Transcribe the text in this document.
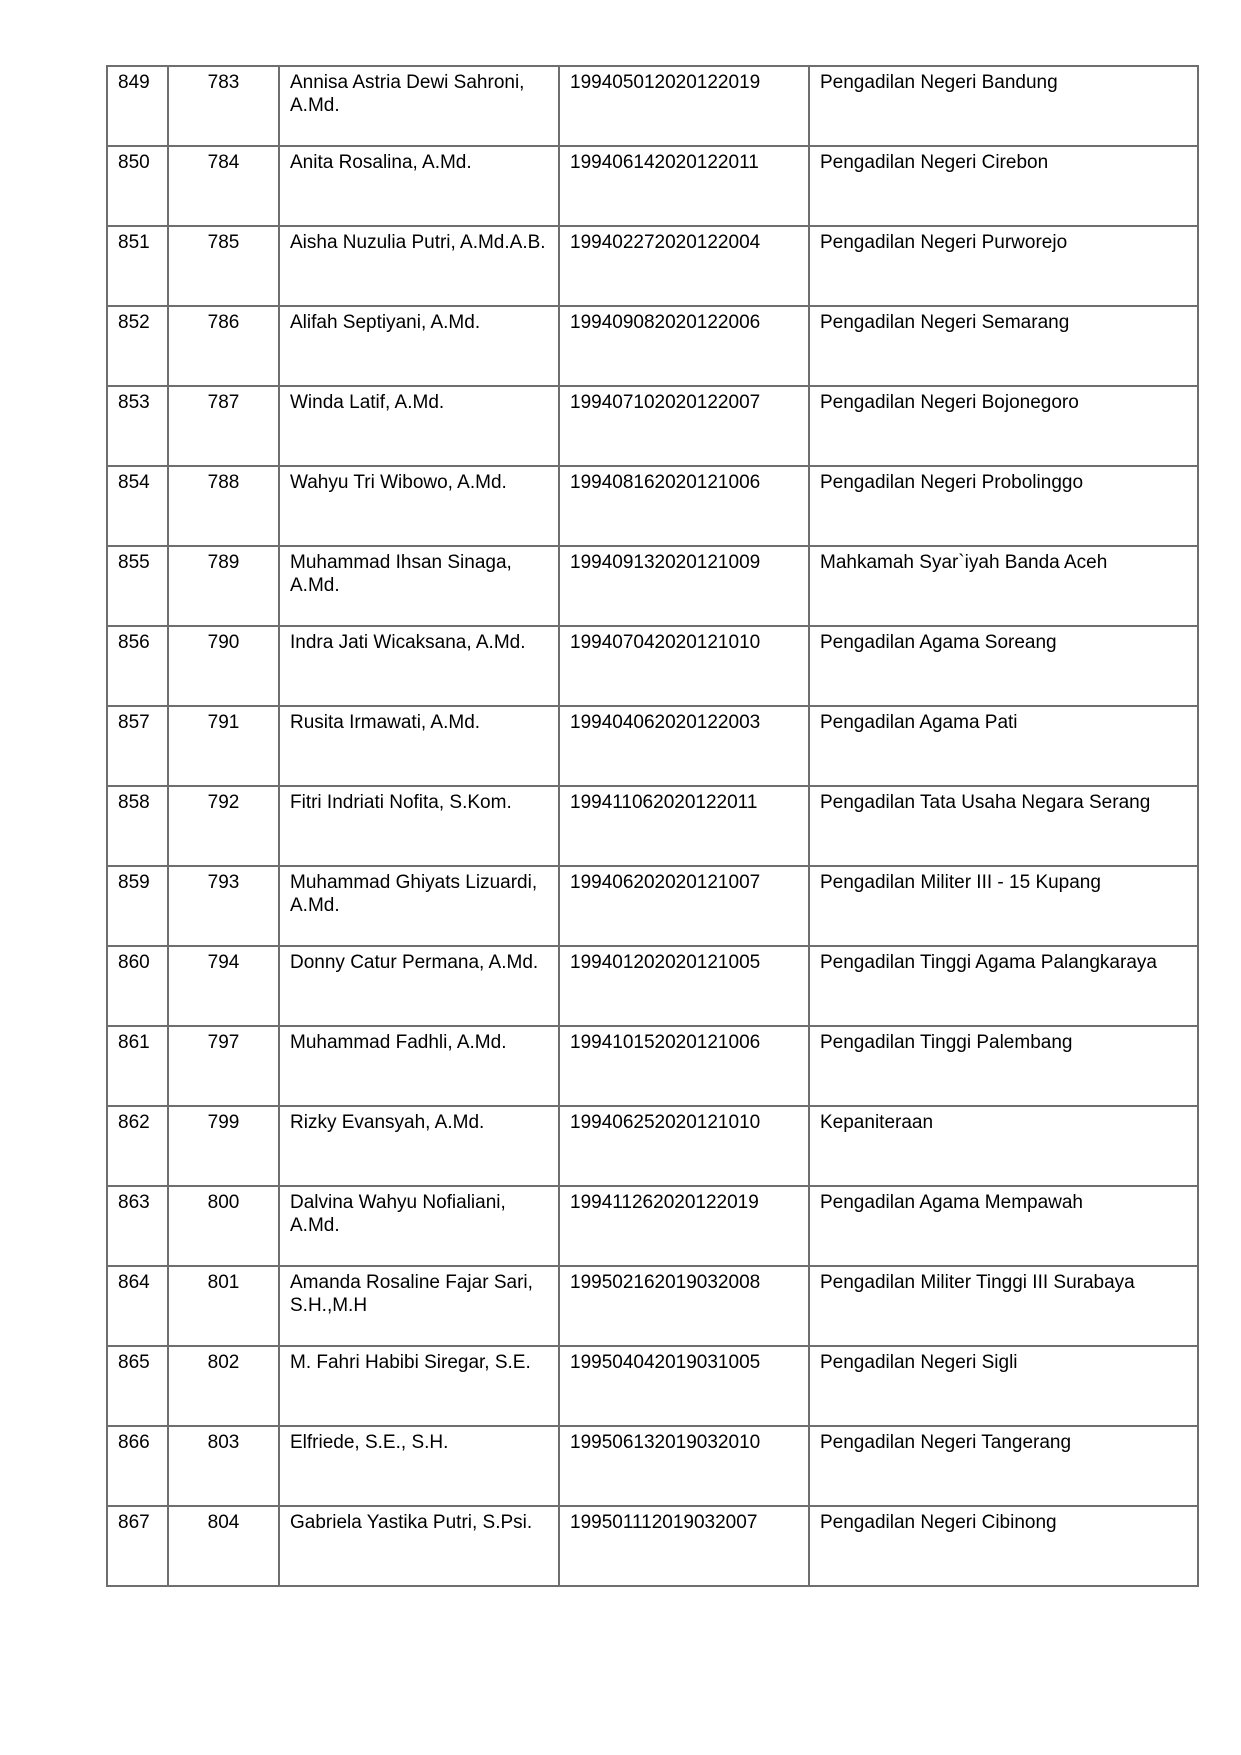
849	783	Annisa Astria Dewi Sahroni, A.Md.	199405012020122019	Pengadilan Negeri Bandung
850	784	Anita Rosalina, A.Md.	199406142020122011	Pengadilan Negeri Cirebon
851	785	Aisha Nuzulia Putri, A.Md.A.B.	199402272020122004	Pengadilan Negeri Purworejo
852	786	Alifah Septiyani, A.Md.	199409082020122006	Pengadilan Negeri Semarang
853	787	Winda Latif, A.Md.	199407102020122007	Pengadilan Negeri Bojonegoro
854	788	Wahyu Tri Wibowo, A.Md.	199408162020121006	Pengadilan Negeri Probolinggo
855	789	Muhammad Ihsan Sinaga, A.Md.	199409132020121009	Mahkamah Syar`iyah Banda Aceh
856	790	Indra Jati Wicaksana, A.Md.	199407042020121010	Pengadilan Agama Soreang
857	791	Rusita Irmawati, A.Md.	199404062020122003	Pengadilan Agama Pati
858	792	Fitri Indriati Nofita, S.Kom.	199411062020122011	Pengadilan Tata Usaha Negara Serang
859	793	Muhammad Ghiyats Lizuardi, A.Md.	199406202020121007	Pengadilan Militer III - 15 Kupang
860	794	Donny Catur Permana, A.Md.	199401202020121005	Pengadilan Tinggi Agama Palangkaraya
861	797	Muhammad Fadhli, A.Md.	199410152020121006	Pengadilan Tinggi Palembang
862	799	Rizky Evansyah, A.Md.	199406252020121010	Kepaniteraan
863	800	Dalvina Wahyu Nofialiani, A.Md.	199411262020122019	Pengadilan Agama Mempawah
864	801	Amanda Rosaline Fajar Sari, S.H.,M.H	199502162019032008	Pengadilan Militer Tinggi III Surabaya
865	802	M. Fahri Habibi Siregar, S.E.	199504042019031005	Pengadilan Negeri Sigli
866	803	Elfriede, S.E., S.H.	199506132019032010	Pengadilan Negeri Tangerang
867	804	Gabriela Yastika Putri, S.Psi.	199501112019032007	Pengadilan Negeri Cibinong
